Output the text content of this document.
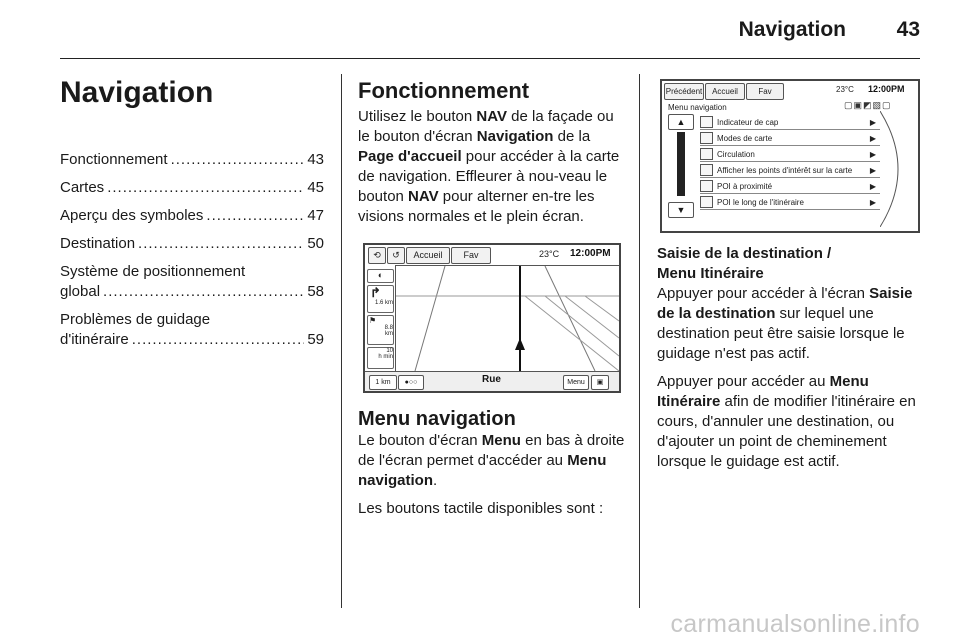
Navigation 43
Navigation
Fonctionnement .....	43
Cartes .....	45
Aperçu des symboles .....	47
Destination .....	50
Système de positionnement
global .....	58
Problèmes de guidage
d'itinéraire .....	59
Fonctionnement

Utilisez le bouton NAV de la façade ou le bouton d'écran Navigation de la Page d'accueil pour accéder à la carte de navigation. Effleurer à nou-veau le bouton NAV pour alterner en-tre les visions normales et le plein écran.

⟲	↺	Accueil	Fav	23°C 12:00PM
◐
↱
1.6 km
⚑
8.8
km
10
h min
1 km	●○○	Rue	Menu	▣
Menu navigation

Le bouton d'écran Menu en bas à droite de l'écran permet d'accéder au Menu navigation.

Les boutons tactile disponibles sont :

Précédent	Accueil	Fav	23°C 12:00PM
Menu navigation	▢▣◩▧▢
▲
▼
Indicateur de cap	▶
Modes de carte	▶
Circulation	▶
Afficher les points d'intérêt sur la carte ▶
POI à proximité	▶
POI le long de l'itinéraire	▶
Saisie de la destination /
Menu Itinéraire

Appuyer pour accéder à l'écran Saisie de la destination sur lequel une destination peut être saisie lorsque le guidage n'est pas actif.

Appuyer pour accéder au Menu Itinéraire afin de modifier l'itinéraire en cours, d'annuler une destination, ou d'ajouter un point de cheminement lorsque le guidage est actif.

carmanualsonline.info
